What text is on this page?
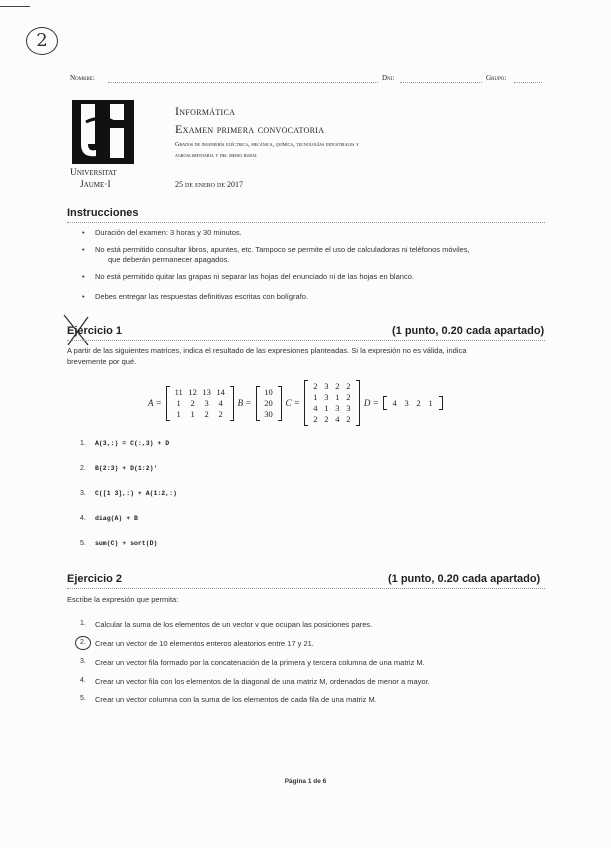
2
Nombre:	Dni:	Grupo:
Universitat
Jaume·I
Informática
Examen primera convocatoria
Grados de ingeniería eléctrica, mecánica, química, tecnologías industriales y
agroalimentaria y del medio rural
25 de enero de 2017
Instrucciones
• Duración del examen: 3 horas y 30 minutos.
• No está permitido consultar libros, apuntes, etc. Tampoco se permite el uso de calculadoras ni teléfonos móviles,
que deberán permanecer apagados.
• No está permitido quitar las grapas ni separar las hojas del enunciado ni de las hojas en blanco.
• Debes entregar las respuestas definitivas escritas con bolígrafo.
Ejercicio 1	(1 punto, 0.20 cada apartado)
A partir de las siguientes matrices, indica el resultado de las expresiones planteadas. Si la expresión no es válida, indica
brevemente por qué.
A =
11 12 13 14
1	2	3	4
1	1	2	2
B =
10
20
30
C =
2 3 2 2
1 3 1 2
4 1 3 3
2 2 4 2
D =	4 3 2 1
1. A(3,:) = C(:,3) + D
2. B(2:3) + D(1:2)'
3. C([1 3],:) + A(1:2,:)
4. diag(A) + B
5. sum(C) + sort(D)
Ejercicio 2	(1 punto, 0.20 cada apartado)
Escribe la expresión que permita:
1. Calcular la suma de los elementos de un vector v que ocupan las posiciones pares.
2. Crear un vector de 10 elementos enteros aleatorios entre 17 y 21.
3. Crear un vector fila formado por la concatenación de la primera y tercera columna de una matriz M.
4. Crear un vector fila con los elementos de la diagonal de una matriz M, ordenados de menor a mayor.
5. Crear un vector columna con la suma de los elementos de cada fila de una matriz M.
Página 1 de 6
